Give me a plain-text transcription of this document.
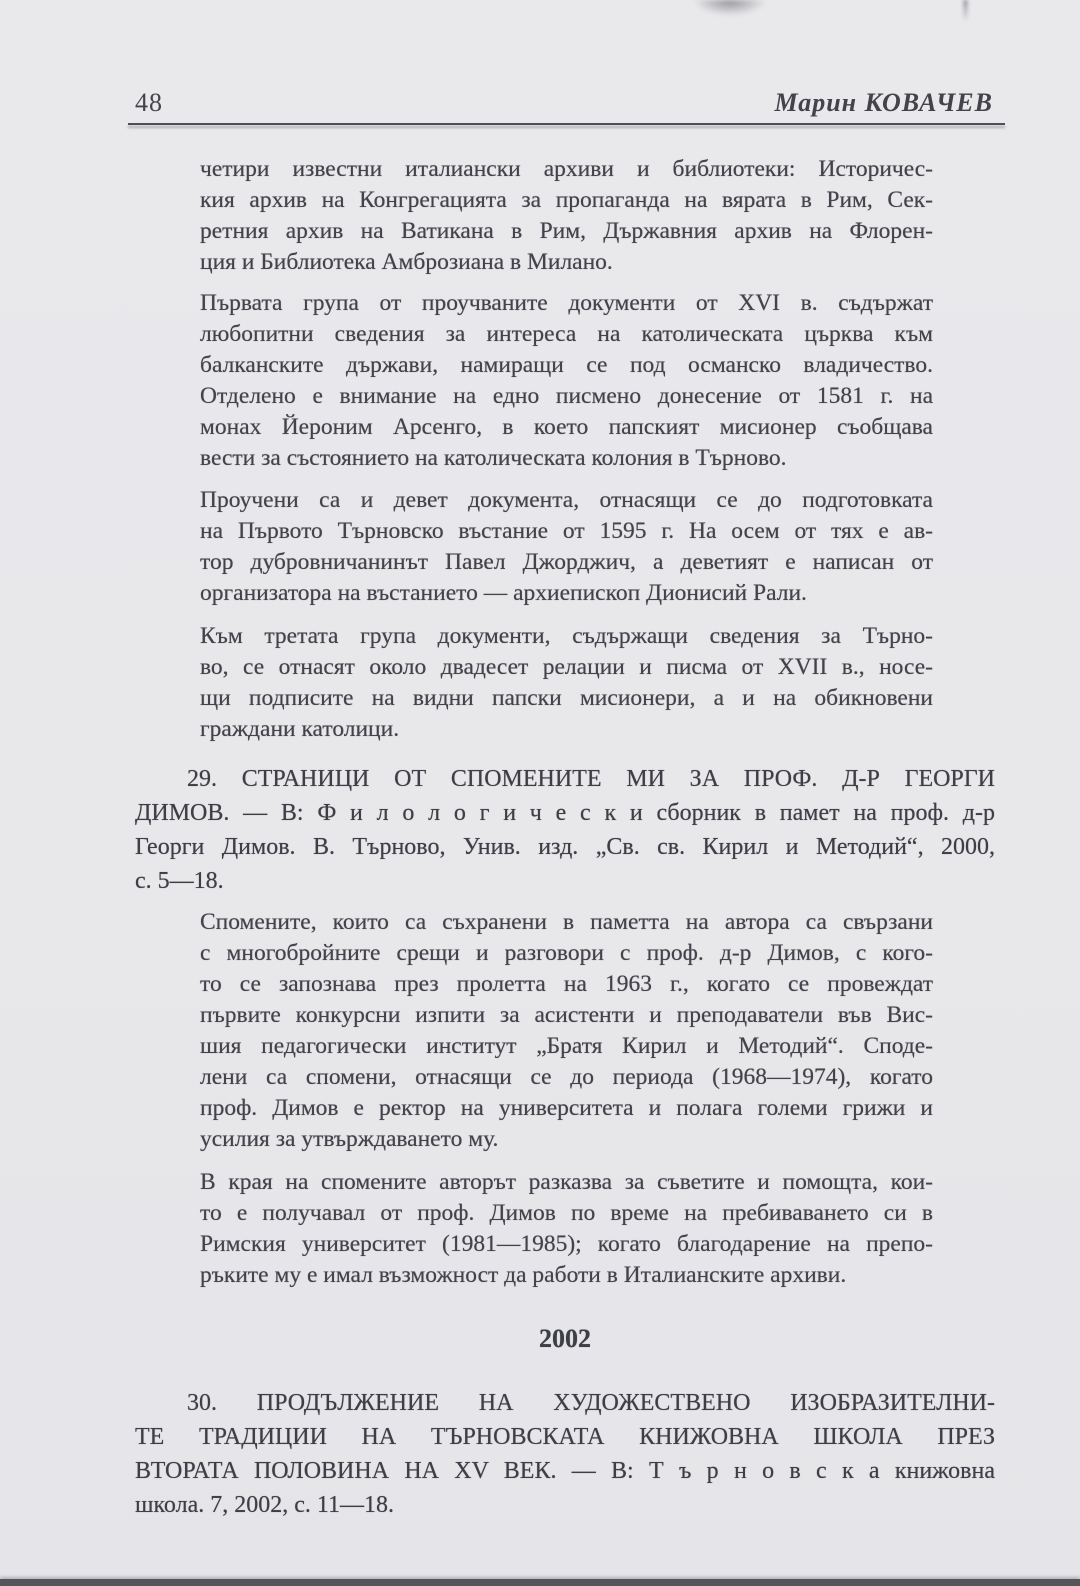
48	Марин КОВАЧЕВ
четири известни италиански архиви и библиотеки: Историчес-
кия архив на Конгрегацията за пропаганда на вярата в Рим, Сек-
ретния архив на Ватикана в Рим, Държавния архив на Флорен-
ция и Библиотека Амброзиана в Милано.
Първата група от проучваните документи от XVI в. съдържат
любопитни сведения за интереса на католическата църква към
балканските държави, намиращи се под османско владичество.
Отделено е внимание на едно писмено донесение от 1581 г. на
монах Йероним Арсенго, в което папският мисионер съобщава
вести за състоянието на католическата колония в Търново.
Проучени са и девет документа, отнасящи се до подготовката
на Първото Търновско въстание от 1595 г. На осем от тях е ав-
тор дубровничанинът Павел Джорджич, а деветият е написан от
организатора на въстанието — архиепископ Дионисий Рали.
Към третата група документи, съдържащи сведения за Търно-
во, се отнасят около двадесет релации и писма от XVII в., носе-
щи подписите на видни папски мисионери, а и на обикновени
граждани католици.
29. СТРАНИЦИ ОТ СПОМЕНИТЕ МИ ЗА ПРОФ. Д-Р ГЕОРГИ
ДИМОВ. — В: Ф и л о л о г и ч е с к и сборник в памет на проф. д-р
Георги Димов. В. Търново, Унив. изд. „Св. св. Кирил и Методий“, 2000,
с. 5—18.
Спомените, които са съхранени в паметта на автора са свързани
с многобройните срещи и разговори с проф. д-р Димов, с кого-
то се запознава през пролетта на 1963 г., когато се провеждат
първите конкурсни изпити за асистенти и преподаватели във Вис-
шия педагогически институт „Братя Кирил и Методий“. Споде-
лени са спомени, отнасящи се до периода (1968—1974), когато
проф. Димов е ректор на университета и полага големи грижи и
усилия за утвърждаването му.
В края на спомените авторът разказва за съветите и помощта, кои-
то е получавал от проф. Димов по време на пребиваването си в
Римския университет (1981—1985); когато благодарение на препо-
ръките му е имал възможност да работи в Италианските архиви.
2002
30. ПРОДЪЛЖЕНИЕ НА ХУДОЖЕСТВЕНО ИЗОБРАЗИТЕЛНИ-
ТЕ ТРАДИЦИИ НА ТЪРНОВСКАТА КНИЖОВНА ШКОЛА ПРЕЗ
ВТОРАТА ПОЛОВИНА НА XV ВЕК. — В: Т ъ р н о в с к а книжовна
школа. 7, 2002, с. 11—18.
